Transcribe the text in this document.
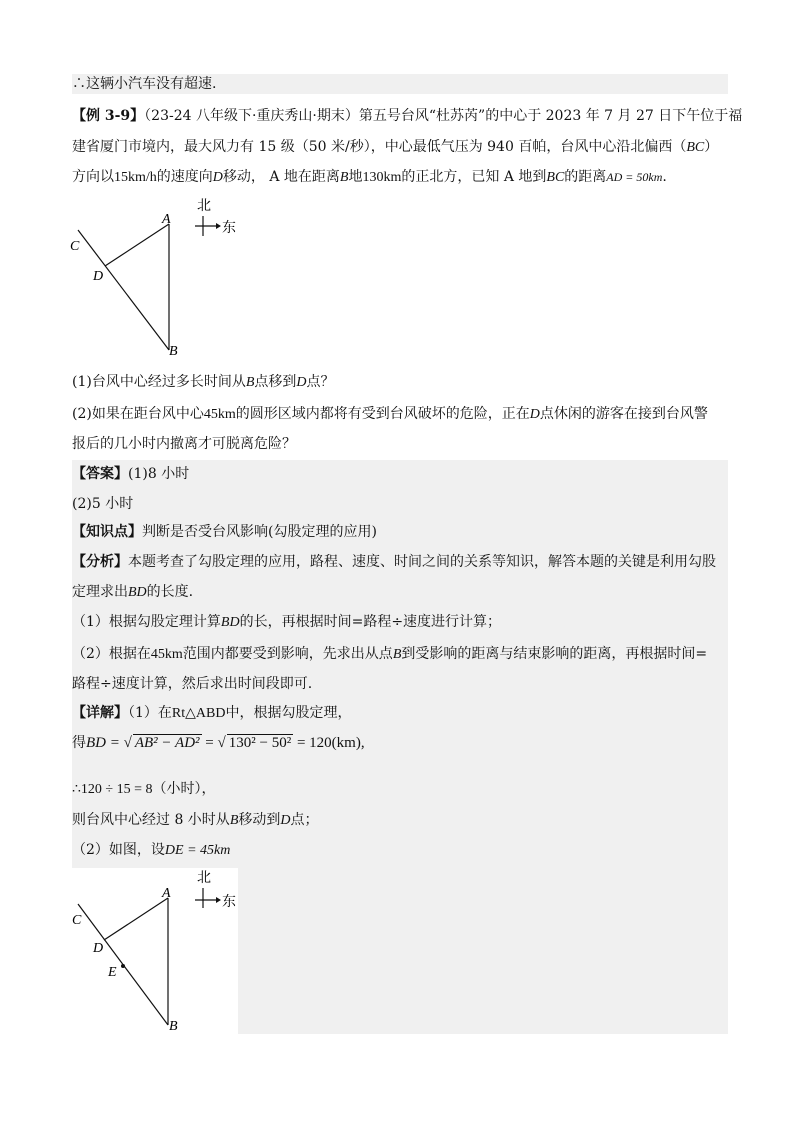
∴这辆小汽车没有超速.
【例 3-9】（23-24 八年级下·重庆秀山·期末）第五号台风“杜苏芮”的中心于 2023 年 7 月 27 日下午位于福
建省厦门市境内，最大风力有 15 级（50 米/秒），中心最低气压为 940 百帕，台风中心沿北偏西（BC）
方向以15km/h的速度向D移动， A 地在距离B地130km的正北方，已知 A 地到BC的距离AD = 50km.
北
东
A
C
D
B
(1)台风中心经过多长时间从B点移到D点？
(2)如果在距台风中心45km的圆形区域内都将有受到台风破坏的危险，正在D点休闲的游客在接到台风警
报后的几小时内撤离才可脱离危险？
【答案】(1)8 小时
(2)5 小时
【知识点】判断是否受台风影响(勾股定理的应用)
【分析】本题考查了勾股定理的应用，路程、速度、时间之间的关系等知识，解答本题的关键是利用勾股
定理求出BD的长度.
（1）根据勾股定理计算BD的长，再根据时间=路程÷速度进行计算；
（2）根据在45km范围内都要受到影响，先求出从点B到受影响的距离与结束影响的距离，再根据时间=
路程÷速度计算，然后求出时间段即可.
【详解】（1）在Rt△ABD中，根据勾股定理，
得BD = √ AB² − AD² = √ 130² − 50² = 120(km),
∴120 ÷ 15 = 8（小时），
则台风中心经过 8 小时从B移动到D点；
（2）如图，设DE = 45km
北
东
A
C
D
E
B
